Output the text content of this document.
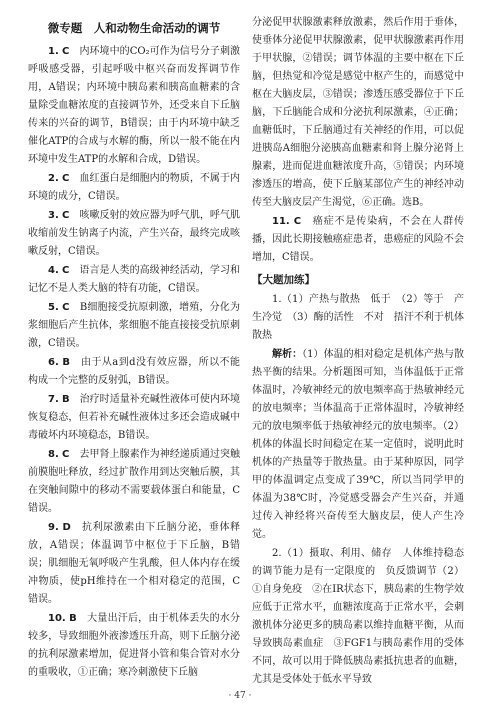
微专题　人和动物生命活动的调节

1. C　 内环境中的CO₂可作为信号分子刺激呼吸感受器，引起呼吸中枢兴奋而发挥调节作用，A错误；内环境中胰岛素和胰高血糖素的含量除受血糖浓度的直接调节外，还受来自下丘脑传来的兴奋的调节，B错误；由于内环境中缺乏催化ATP的合成与水解的酶，所以一般不能在内环境中发生ATP的水解和合成，D错误。

2. C　 血红蛋白是细胞内的物质，不属于内环境的成分，C错误。

3. C　 咳嗽反射的效应器为呼气肌，呼气肌收缩前发生钠离子内流，产生兴奋，最终完成咳嗽反射，C错误。

4. C　 语言是人类的高级神经活动，学习和记忆不是人类大脑的特有功能，C错误。

5. C　 B细胞接受抗原刺激，增殖，分化为浆细胞后产生抗体，浆细胞不能直接接受抗原刺激，C错误。

6. B　 由于从a到d没有效应器，所以不能构成一个完整的反射弧，B错误。

7. B　 治疗时适量补充碱性液体可使内环境恢复稳态，但若补充碱性液体过多还会造成碱中毒破坏内环境稳态，B错误。

8. C　 去甲肾上腺素作为神经递质通过突触前膜胞吐释放，经过扩散作用到达突触后膜，其在突触间隙中的移动不需要载体蛋白和能量，C错误。

9. D　 抗利尿激素由下丘脑分泌，垂体释放，A错误；体温调节中枢位于下丘脑，B错误；肌细胞无氧呼吸产生乳酸，但人体内存在缓冲物质，使pH维持在一个相对稳定的范围，C错误。

10. B　 大量出汗后，由于机体丢失的水分较多，导致细胞外液渗透压升高，则下丘脑分泌的抗利尿激素增加，促进肾小管和集合管对水分的重吸收，①正确；寒冷刺激使下丘脑

分泌促甲状腺激素释放激素，然后作用于垂体，使垂体分泌促甲状腺激素，促甲状腺激素再作用于甲状腺，②错误；调节体温的主要中枢在下丘脑，但热觉和冷觉是感觉中枢产生的，而感觉中枢在大脑皮层，③错误；渗透压感受器位于下丘脑，下丘脑能合成和分泌抗利尿激素，④正确；血糖低时，下丘脑通过有关神经的作用，可以促进胰岛A细胞分泌胰高血糖素和肾上腺分泌肾上腺素，进而促进血糖浓度升高，⑤错误；内环境渗透压的增高，使下丘脑某部位产生的神经冲动传至大脑皮层产生渴觉，⑥正确。选B。

11. C　 癌症不是传染病，不会在人群传播，因此长期接触癌症患者，患癌症的风险不会增加，C错误。

【大题加练】

1.（1）产热与散热　低于　（2）等于　产生冷觉　（3）酶的活性　不对　捂汗不利于机体散热

解析：（1）体温的相对稳定是机体产热与散热平衡的结果。分析题图可知，当体温低于正常体温时，冷敏神经元的放电频率高于热敏神经元的放电频率；当体温高于正常体温时，冷敏神经元的放电频率低于热敏神经元的放电频率。（2）机体的体温长时间稳定在某一定值时，说明此时机体的产热量等于散热量。由于某种原因，同学甲的体温调定点变成了39℃，所以当同学甲的体温为38℃时，冷觉感受器会产生兴奋，并通过传入神经将兴奋传至大脑皮层，使人产生冷觉。

2.（1）摄取、利用、储存　人体维持稳态的调节能力是有一定限度的　负反馈调节（2）①自身免疫　②在IR状态下，胰岛素的生物学效应低于正常水平，血糖浓度高于正常水平，会刺激机体分泌更多的胰岛素以维持血糖平衡，从而导致胰岛素血症　③FGF1与胰岛素作用的受体不同，故可以用于降低胰岛素抵抗患者的血糖，尤其是受体处于低水平导致

· 47 ·
